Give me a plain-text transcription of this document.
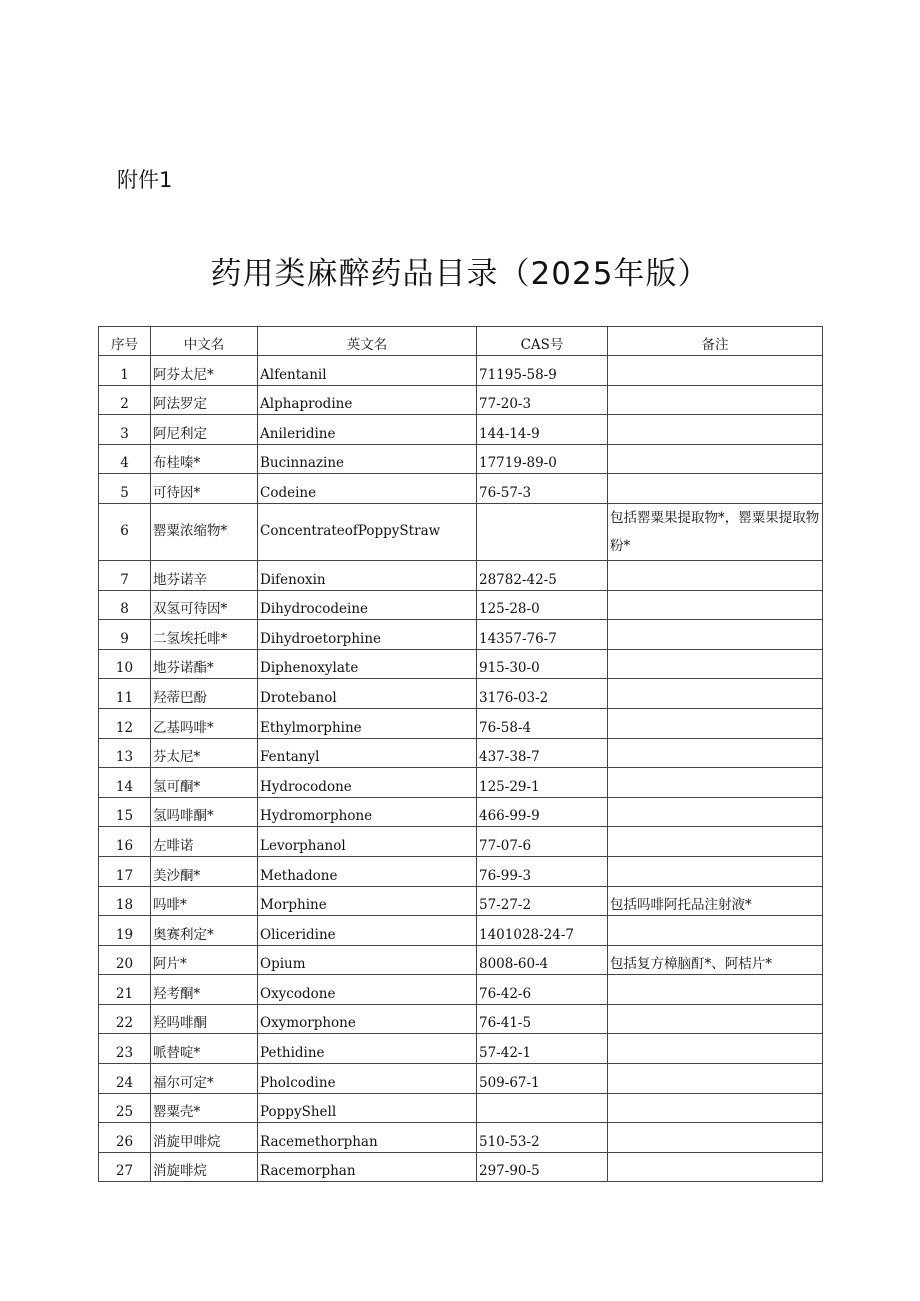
附件1
药用类麻醉药品目录（2025年版）
序号	中文名	英文名	CAS号	备注
1	阿芬太尼*	Alfentanil	71195-58-9	
2	阿法罗定	Alphaprodine	77-20-3	
3	阿尼利定	Anileridine	144-14-9	
4	布桂嗪*	Bucinnazine	17719-89-0	
5	可待因*	Codeine	76-57-3	
6	罂粟浓缩物*	ConcentrateofPoppyStraw		包括罂粟果提取物*，罂粟果提取物粉*
7	地芬诺辛	Difenoxin	28782-42-5	
8	双氢可待因*	Dihydrocodeine	125-28-0	
9	二氢埃托啡*	Dihydroetorphine	14357-76-7	
10	地芬诺酯*	Diphenoxylate	915-30-0	
11	羟蒂巴酚	Drotebanol	3176-03-2	
12	乙基吗啡*	Ethylmorphine	76-58-4	
13	芬太尼*	Fentanyl	437-38-7	
14	氢可酮*	Hydrocodone	125-29-1	
15	氢吗啡酮*	Hydromorphone	466-99-9	
16	左啡诺	Levorphanol	77-07-6	
17	美沙酮*	Methadone	76-99-3	
18	吗啡*	Morphine	57-27-2	包括吗啡阿托品注射液*
19	奥赛利定*	Oliceridine	1401028-24-7	
20	阿片*	Opium	8008-60-4	包括复方樟脑酊*、阿桔片*
21	羟考酮*	Oxycodone	76-42-6	
22	羟吗啡酮	Oxymorphone	76-41-5	
23	哌替啶*	Pethidine	57-42-1	
24	福尔可定*	Pholcodine	509-67-1	
25	罂粟壳*	PoppyShell		
26	消旋甲啡烷	Racemethorphan	510-53-2	
27	消旋啡烷	Racemorphan	297-90-5	
